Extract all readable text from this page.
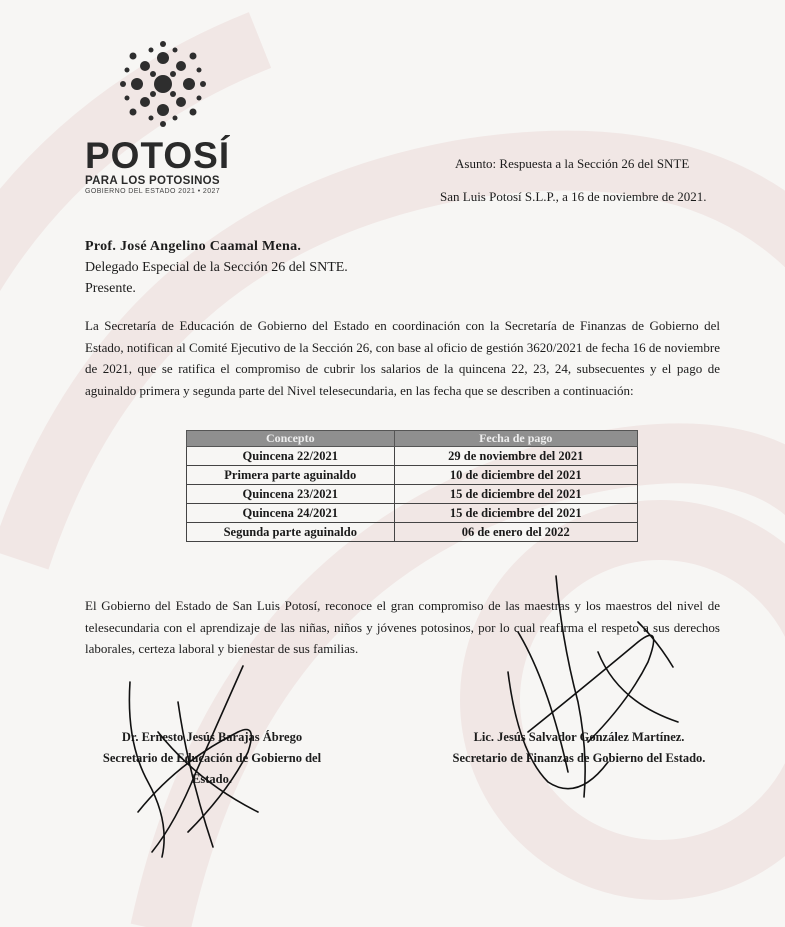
POTOSÍ
PARA LOS POTOSINOS
GOBIERNO DEL ESTADO 2021 • 2027
Asunto: Respuesta a la Sección 26 del SNTE
San Luis Potosí S.L.P., a 16 de noviembre de 2021.
Prof. José Angelino Caamal Mena.
Delegado Especial de la Sección 26 del SNTE.
Presente.
La Secretaría de Educación de Gobierno del Estado en coordinación con la Secretaría de Finanzas de Gobierno del Estado, notifican al Comité Ejecutivo de la Sección 26, con base al oficio de gestión 3620/2021 de fecha 16 de noviembre de 2021, que se ratifica el compromiso de cubrir los salarios de la quincena 22, 23, 24, subsecuentes y el pago de aguinaldo primera y segunda parte del Nivel telesecundaria, en las fecha que se describen a continuación:
Concepto	Fecha de pago
Quincena 22/2021	29 de noviembre del 2021
Primera parte aguinaldo	10 de diciembre del 2021
Quincena 23/2021	15 de diciembre del 2021
Quincena 24/2021	15 de diciembre del 2021
Segunda parte aguinaldo	06 de enero del 2022
El Gobierno del Estado de San Luis Potosí, reconoce el gran compromiso de las maestras y los maestros del nivel de telesecundaria con el aprendizaje de las niñas, niños y jóvenes potosinos, por lo cual reafirma el respeto a sus derechos laborales, certeza laboral y bienestar de sus familias.
Dr. Ernesto Jesús Barajas Ábrego
Secretario de Educación de Gobierno del Estado.
Lic. Jesús Salvador González Martínez.
Secretario de Finanzas de Gobierno del Estado.
